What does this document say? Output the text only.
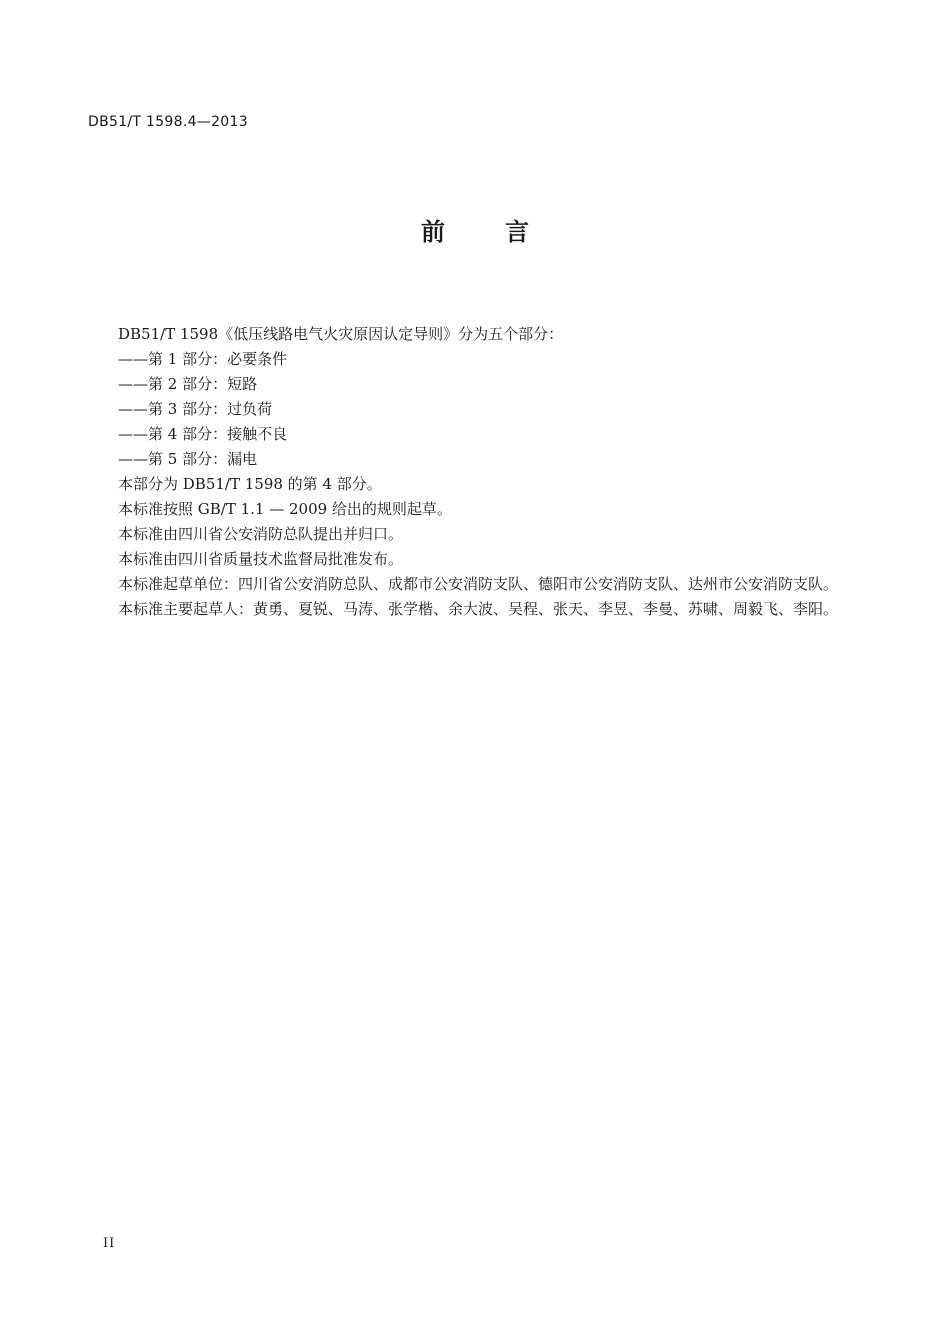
DB51/T 1598.4—2013
前言

DB51/T 1598《低压线路电气火灾原因认定导则》分为五个部分：

——第 1 部分：必要条件
——第 2 部分：短路
——第 3 部分：过负荷
——第 4 部分：接触不良
——第 5 部分：漏电

本部分为 DB51/T 1598 的第 4 部分。

本标准按照 GB/T 1.1 — 2009 给出的规则起草。

本标准由四川省公安消防总队提出并归口。

本标准由四川省质量技术监督局批准发布。

本标准起草单位：四川省公安消防总队、成都市公安消防支队、德阳市公安消防支队、达州市公安消防支队。

本标准主要起草人：黄勇、夏锐、马涛、张学楷、余大波、吴程、张天、李昱、李曼、苏啸、周毅飞、李阳。

II
